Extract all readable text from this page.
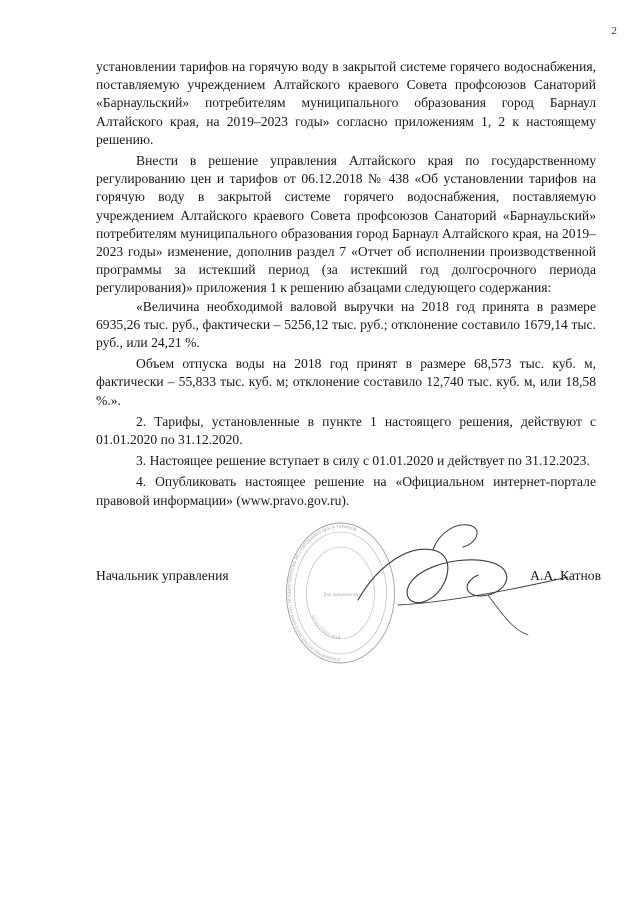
2

установлении тарифов на горячую воду в закрытой системе горячего водоснабжения, поставляемую учреждением Алтайского краевого Совета профсоюзов Санаторий «Барнаульский» потребителям муниципального образования город Барнаул Алтайского края, на 2019–2023 годы» согласно приложениям 1, 2 к настоящему решению.

Внести в решение управления Алтайского края по государственному регулированию цен и тарифов от 06.12.2018 № 438 «Об установлении тарифов на горячую воду в закрытой системе горячего водоснабжения, поставляемую учреждением Алтайского краевого Совета профсоюзов Санаторий «Барнаульский» потребителям муниципального образования город Барнаул Алтайского края, на 2019–2023 годы» изменение, дополнив раздел 7 «Отчет об исполнении производственной программы за истекший период (за истекший год долгосрочного периода регулирования)» приложения 1 к решению абзацами следующего содержания:

«Величина необходимой валовой выручки на 2018 год принята в размере 6935,26 тыс. руб., фактически – 5256,12 тыс. руб.; отклонение составило 1679,14 тыс. руб., или 24,21 %.

Объем отпуска воды на 2018 год принят в размере 68,573 тыс. куб. м, фактически – 55,833 тыс. куб. м; отклонение составило 12,740 тыс. куб. м, или 18,58 %.».

2. Тарифы, установленные в пункте 1 настоящего решения, действуют с 01.01.2020 по 31.12.2020.

3. Настоящее решение вступает в силу с 01.01.2020 и действует по 31.12.2023.

4. Опубликовать настоящее решение на «Официальном интернет-портале правовой информации» (www.pravo.gov.ru).

УПРАВЛЕНИЕ АЛТАЙСКОГО КРАЯ ПО ГОСУДАРСТВЕННОМУ РЕГУЛИРОВАНИЮ ЦЕН И ТАРИФОВ
ИНН 2221177175
Для документов
Начальник управления	А.А. Катнов
